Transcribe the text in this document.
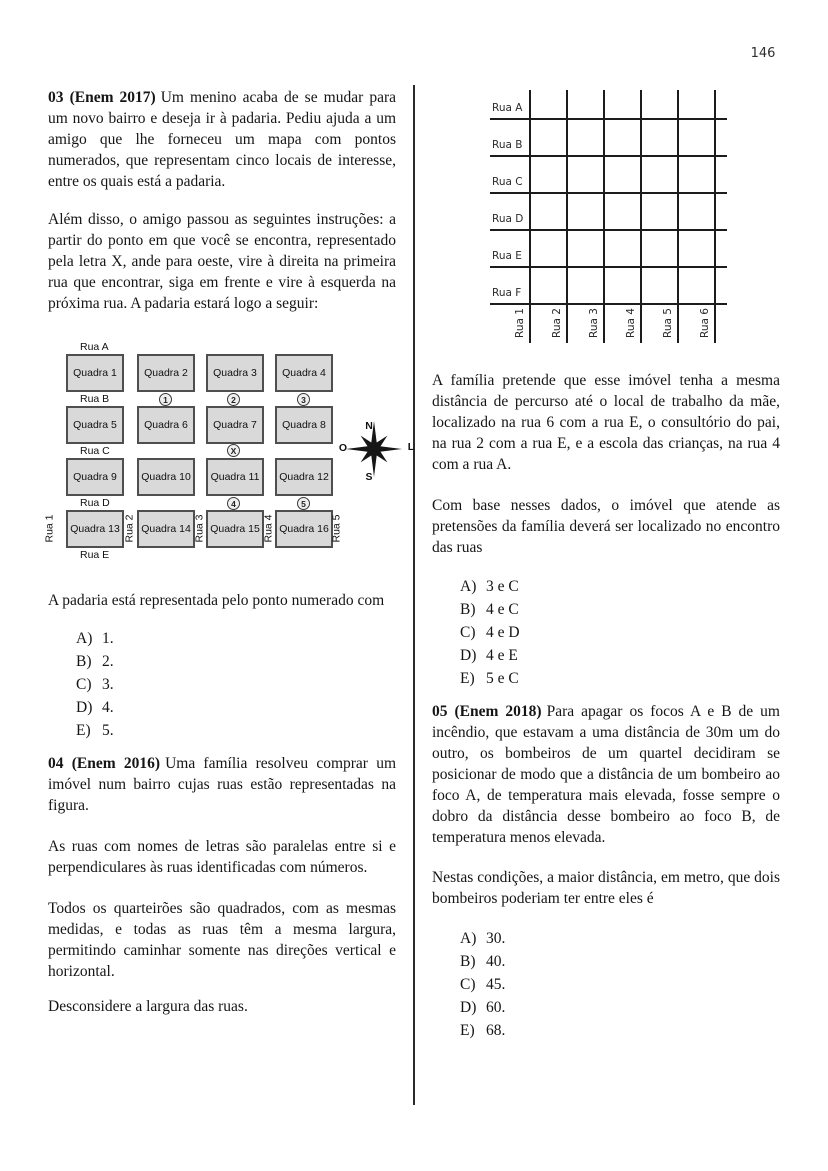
146

03 (Enem 2017) Um menino acaba de se mudar para um novo bairro e deseja ir à padaria. Pediu ajuda a um amigo que lhe forneceu um mapa com pontos numerados, que representam cinco locais de interesse, entre os quais está a padaria.

Além disso, o amigo passou as seguintes instruções: a partir do ponto em que você se encontra, representado pela letra X, ande para oeste, vire à direita na primeira rua que encontrar, siga em frente e vire à esquerda na próxima rua. A padaria estará logo a seguir:

Quadra 1	Quadra 2	Quadra 3	Quadra 4
Quadra 5	Quadra 6	Quadra 7	Quadra 8
Quadra 9	Quadra 10	Quadra 11	Quadra 12
Quadra 13	Quadra 14	Quadra 15	Quadra 16
Rua A
Rua B
Rua C
Rua D
Rua E
Rua 1	Rua 2	Rua 3	Rua 4	Rua 5
1	2	3
X
4	5
N
O	L
S

A padaria está representada pelo ponto numerado com

A) 1.
B) 2.
C) 3.
D) 4.
E) 5.

04 (Enem 2016) Uma família resolveu comprar um imóvel num bairro cujas ruas estão representadas na figura.

As ruas com nomes de letras são paralelas entre si e perpendiculares às ruas identificadas com números.

Todos os quarteirões são quadrados, com as mesmas medidas, e todas as ruas têm a mesma largura, permitindo caminhar somente nas direções vertical e horizontal.

Desconsidere a largura das ruas.

Rua A
Rua B
Rua C
Rua D
Rua E
Rua F
Rua 1 Rua 2 Rua 3 Rua 4 Rua 5 Rua 6

A família pretende que esse imóvel tenha a mesma distância de percurso até o local de trabalho da mãe, localizado na rua 6 com a rua E, o consultório do pai, na rua 2 com a rua E, e a escola das crianças, na rua 4 com a rua A.

Com base nesses dados, o imóvel que atende as pretensões da família deverá ser localizado no encontro das ruas

A) 3 e C
B) 4 e C
C) 4 e D
D) 4 e E
E) 5 e C

05 (Enem 2018) Para apagar os focos A e B de um incêndio, que estavam a uma distância de 30m um do outro, os bombeiros de um quartel decidiram se posicionar de modo que a distância de um bombeiro ao foco A, de temperatura mais elevada, fosse sempre o dobro da distância desse bombeiro ao foco B, de temperatura menos elevada.

Nestas condições, a maior distância, em metro, que dois bombeiros poderiam ter entre eles é

A) 30.
B) 40.
C) 45.
D) 60.
E) 68.
